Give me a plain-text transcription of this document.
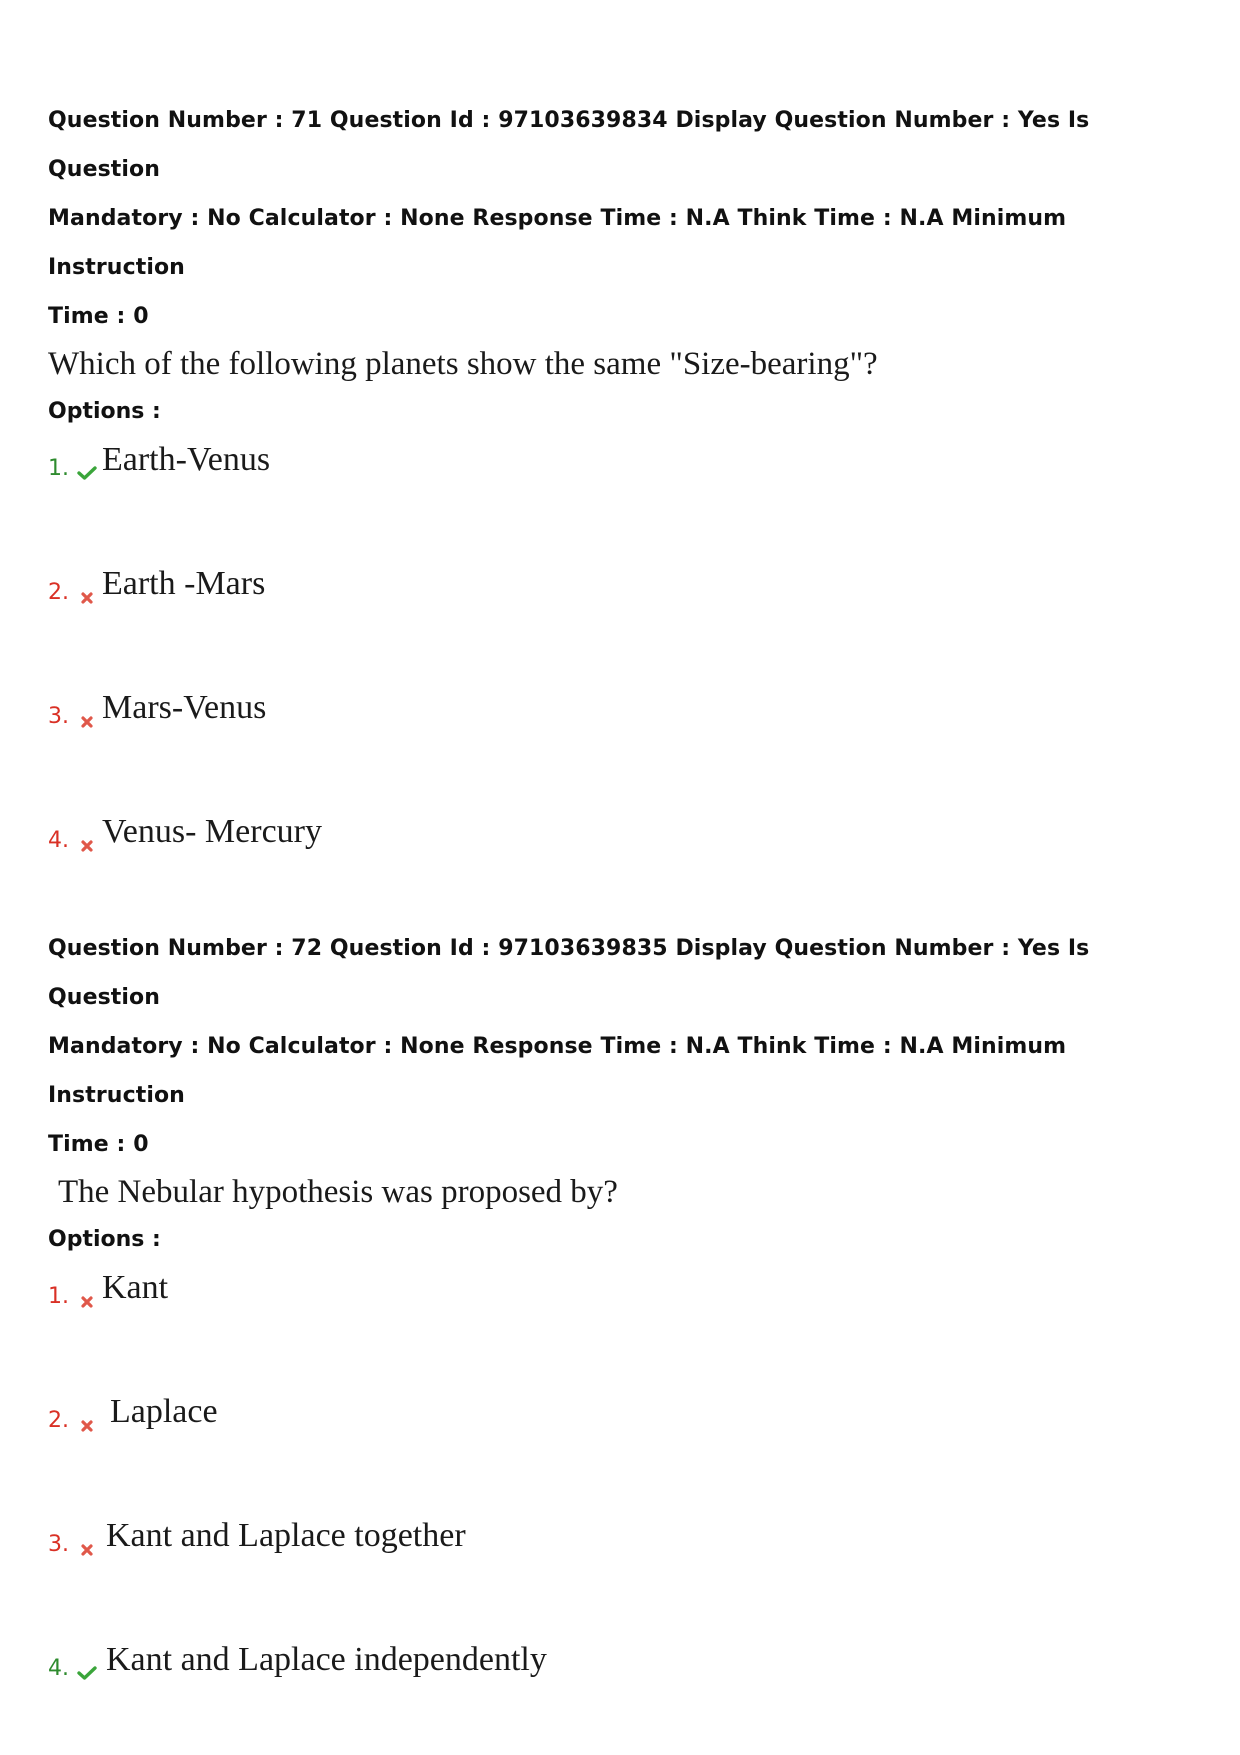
Question Number : 71 Question Id : 97103639834 Display Question Number : Yes Is Question

Mandatory : No Calculator : None Response Time : N.A Think Time : N.A Minimum Instruction

Time : 0

Which of the following planets show the same "Size-bearing"?

Options :

1. Earth-Venus
2. Earth -Mars
3. Mars-Venus
4. Venus- Mercury

Question Number : 72 Question Id : 97103639835 Display Question Number : Yes Is Question

Mandatory : No Calculator : None Response Time : N.A Think Time : N.A Minimum Instruction

Time : 0

The Nebular hypothesis was proposed by?

Options :

1. Kant
2. Laplace
3. Kant and Laplace together
4. Kant and Laplace independently
